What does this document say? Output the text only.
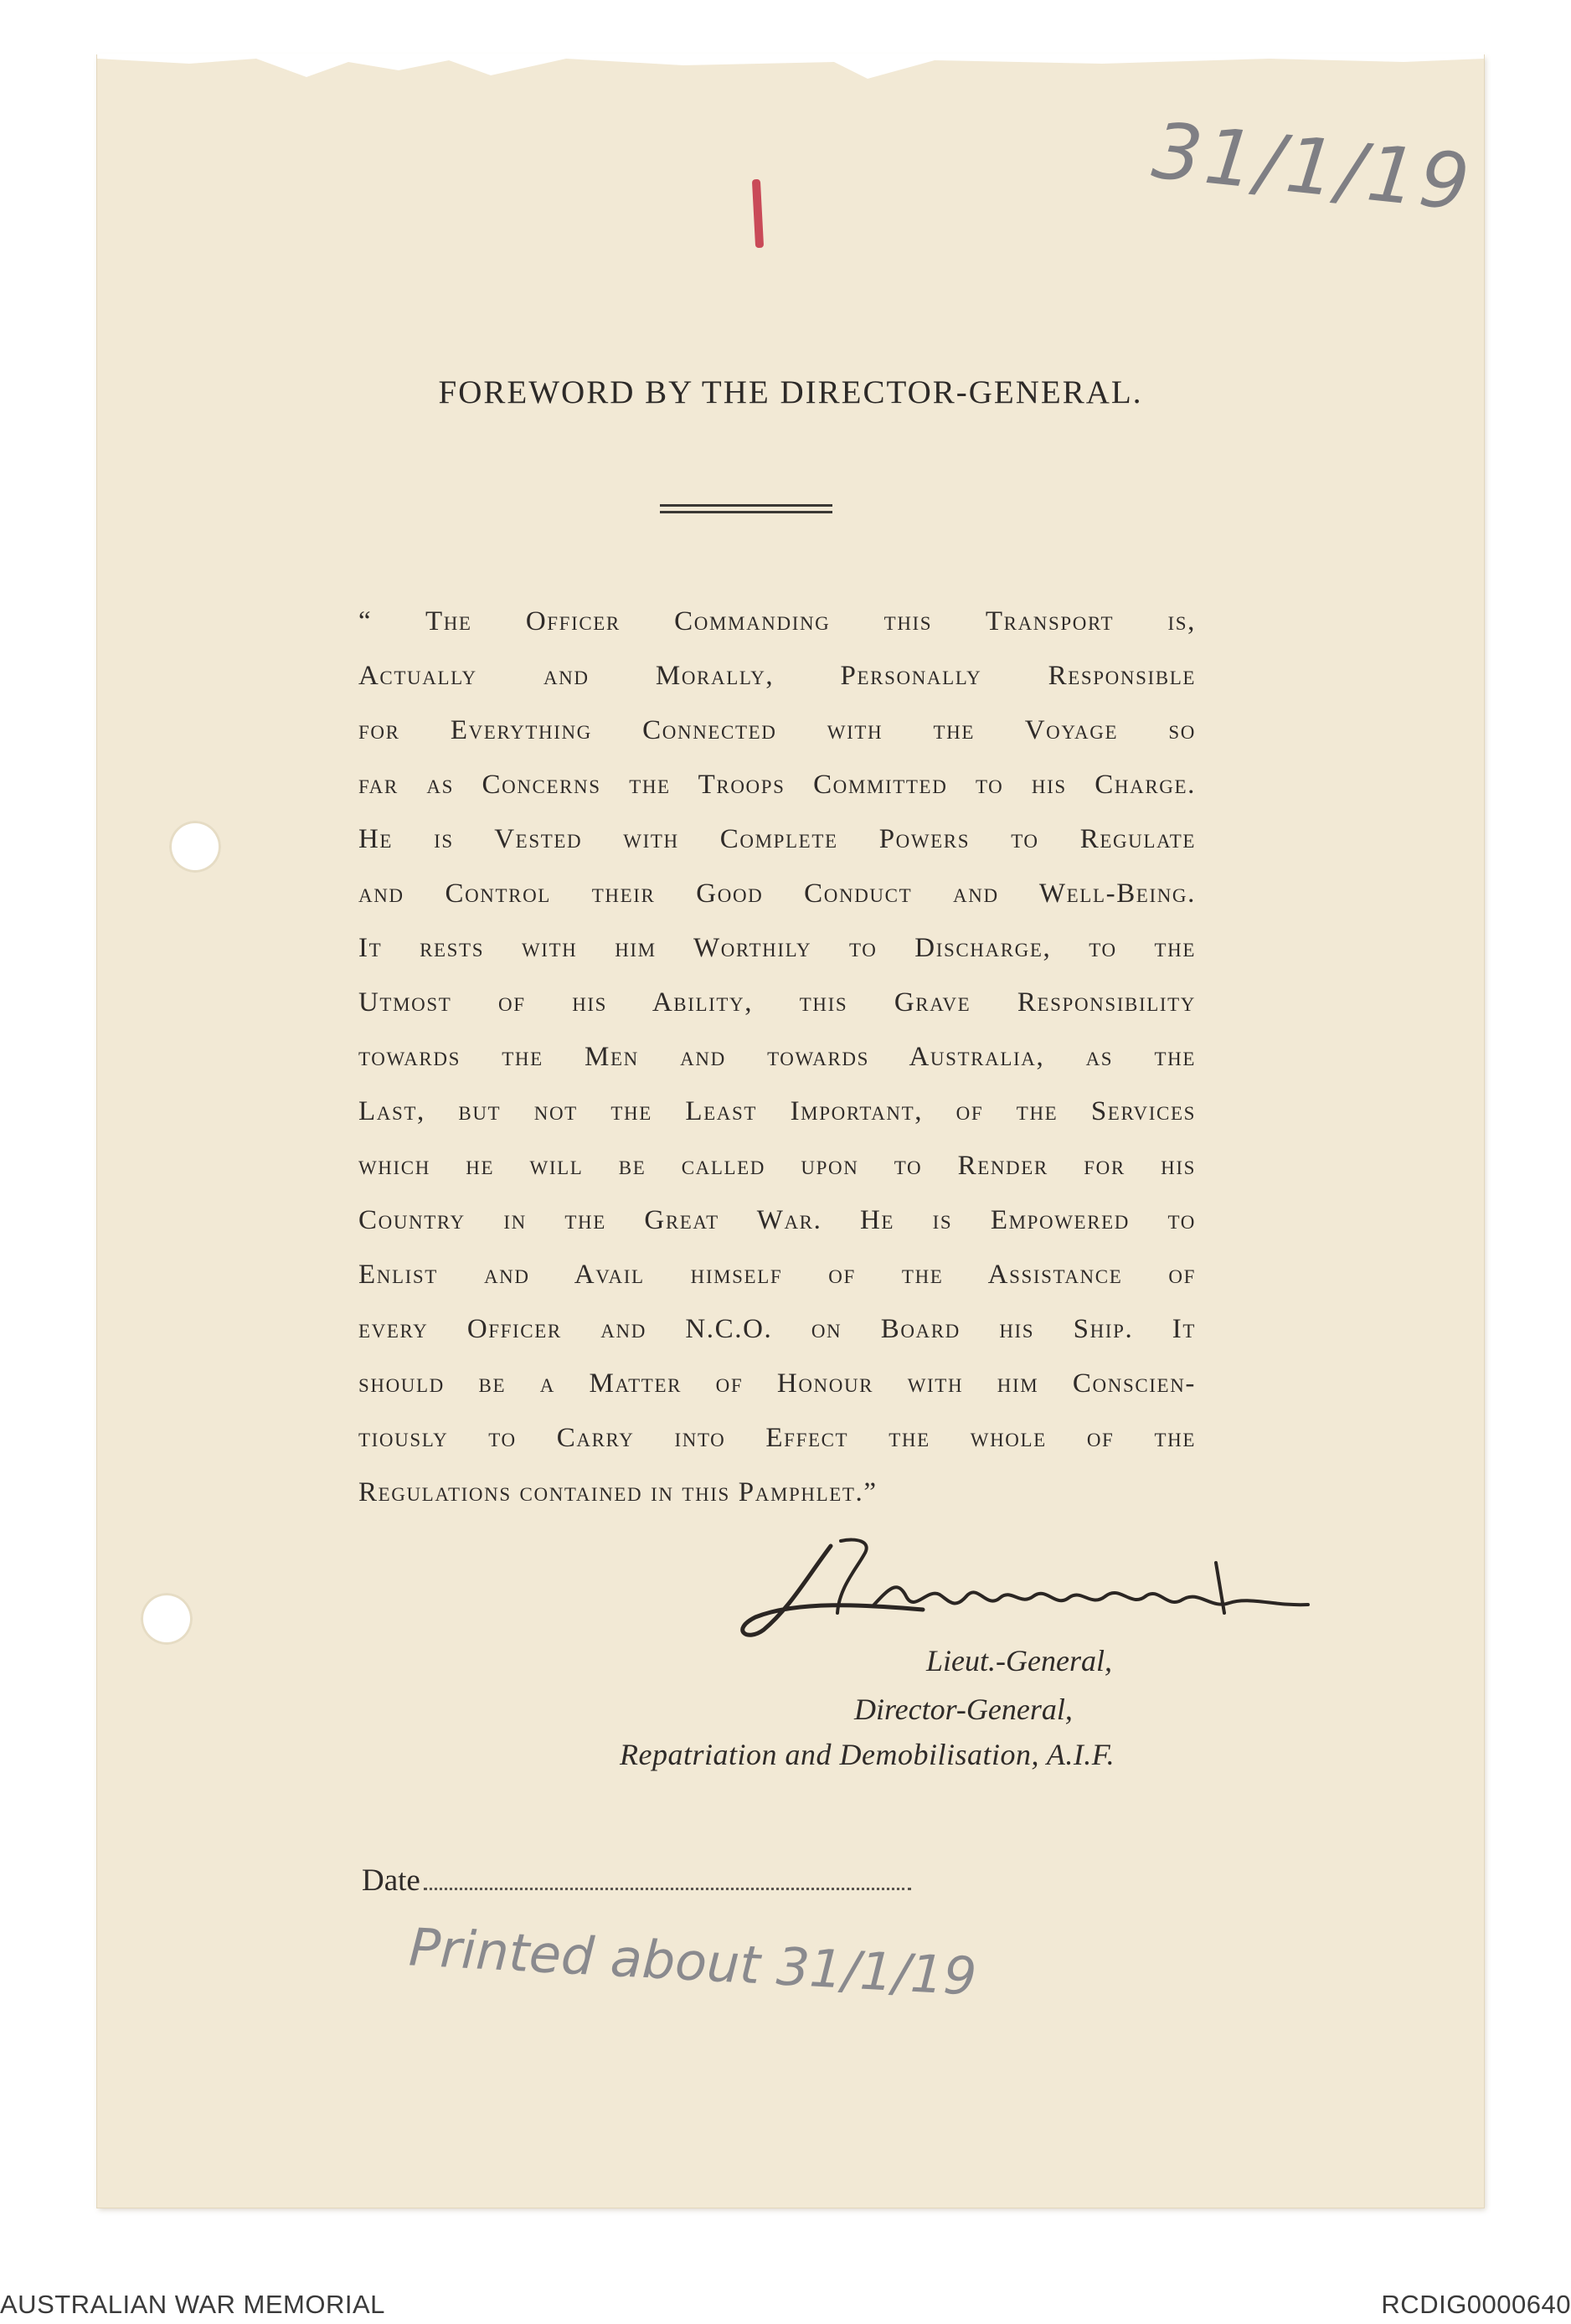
31/1/19
FOREWORD BY THE DIRECTOR-GENERAL.
“ The Officer Commanding this Transport is,
Actually and Morally, Personally Responsible
for Everything Connected with the Voyage so
far as Concerns the Troops Committed to his Charge.
He is Vested with Complete Powers to Regulate
and Control their Good Conduct and Well-Being.
It rests with him Worthily to Discharge, to the
Utmost of his Ability, this Grave Responsibility
towards the Men and towards Australia, as the
Last, but not the Least Important, of the Services
which he will be called upon to Render for his
Country in the Great War. He is Empowered to
Enlist and Avail himself of the Assistance of
every Officer and N.C.O. on Board his Ship. It
should be a Matter of Honour with him Conscien-
tiously to Carry into Effect the whole of the
Regulations contained in this Pamphlet.”
Lieut.-General,
Director-General,
Repatriation and Demobilisation, A.I.F.
Date
Printed about 31/1/19
AUSTRALIAN WAR MEMORIAL	RCDIG0000640
